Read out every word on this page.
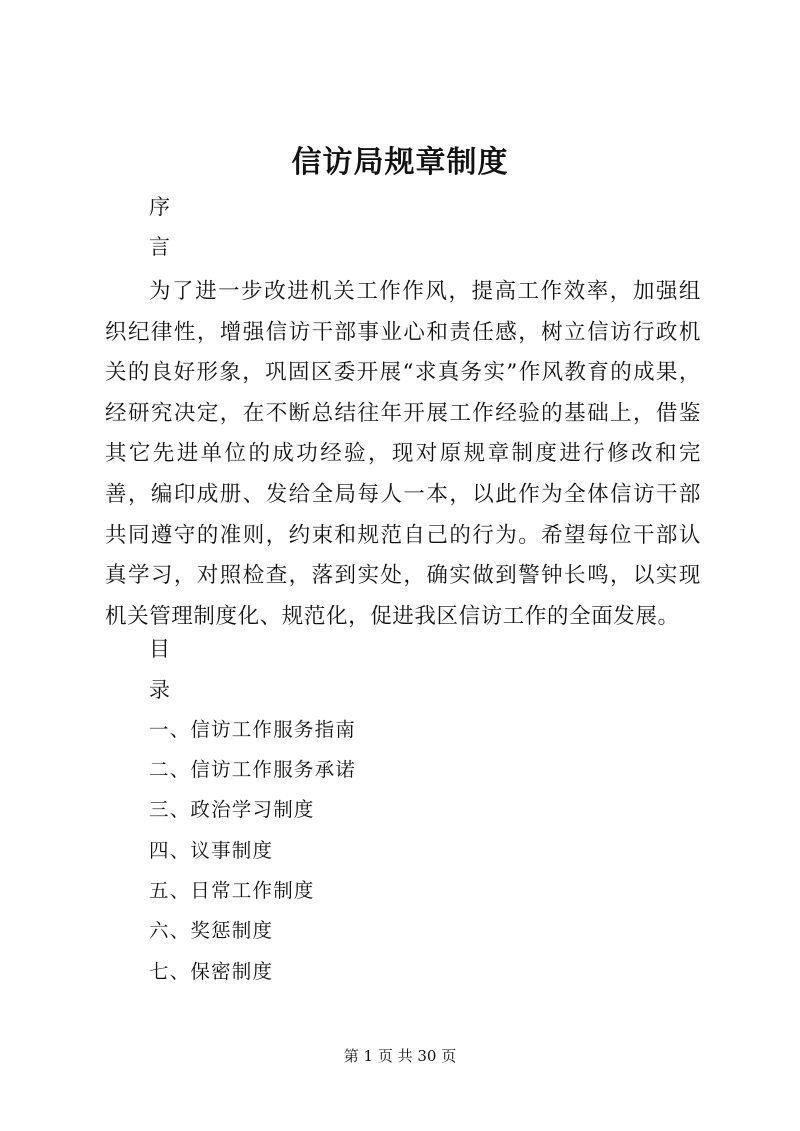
信访局规章制度
序
言

为了进一步改进机关工作作风，提高工作效率，加强组织纪律性，增强信访干部事业心和责任感，树立信访行政机关的良好形象，巩固区委开展“求真务实”作风教育的成果，经研究决定，在不断总结往年开展工作经验的基础上，借鉴其它先进单位的成功经验，现对原规章制度进行修改和完善，编印成册、发给全局每人一本，以此作为全体信访干部共同遵守的准则，约束和规范自己的行为。希望每位干部认真学习，对照检查，落到实处，确实做到警钟长鸣，以实现机关管理制度化、规范化，促进我区信访工作的全面发展。

目
录
一、信访工作服务指南
二、信访工作服务承诺
三、政治学习制度
四、议事制度
五、日常工作制度
六、奖惩制度
七、保密制度
第 1 页 共 30 页
